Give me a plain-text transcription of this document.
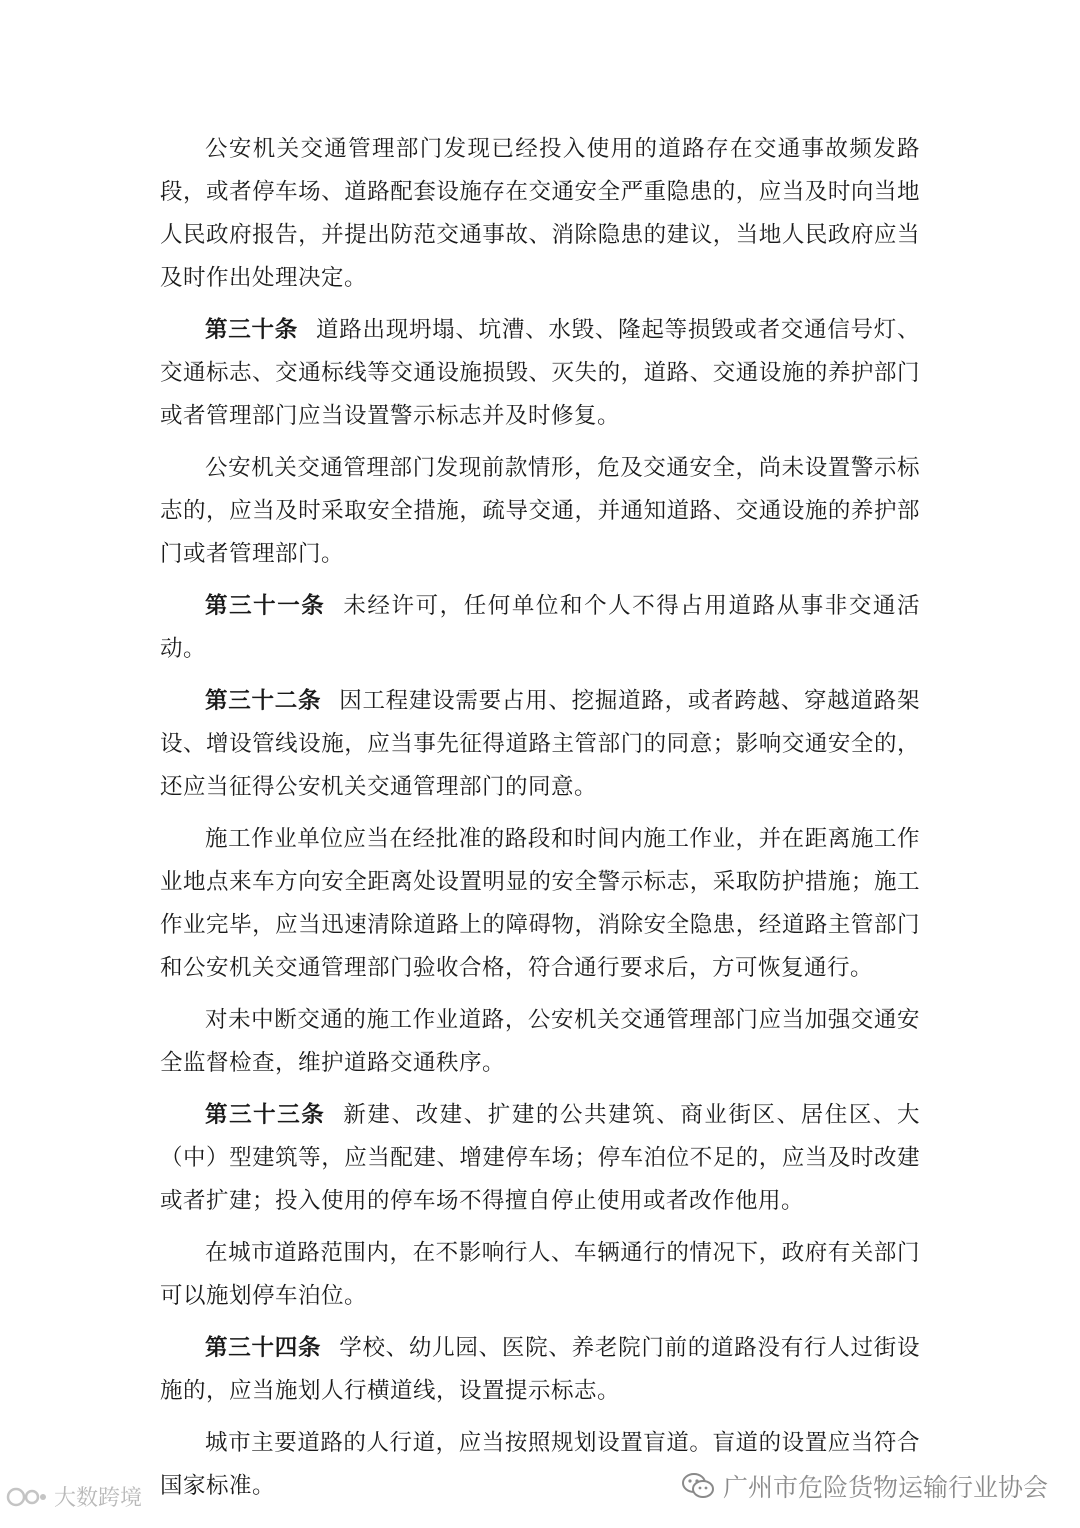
公安机关交通管理部门发现已经投入使用的道路存在交通事故频发路段，或者停车场、道路配套设施存在交通安全严重隐患的，应当及时向当地人民政府报告，并提出防范交通事故、消除隐患的建议，当地人民政府应当及时作出处理决定。

第三十条 道路出现坍塌、坑漕、水毁、隆起等损毁或者交通信号灯、交通标志、交通标线等交通设施损毁、灭失的，道路、交通设施的养护部门或者管理部门应当设置警示标志并及时修复。

公安机关交通管理部门发现前款情形，危及交通安全，尚未设置警示标志的，应当及时采取安全措施，疏导交通，并通知道路、交通设施的养护部门或者管理部门。

第三十一条 未经许可，任何单位和个人不得占用道路从事非交通活动。

第三十二条 因工程建设需要占用、挖掘道路，或者跨越、穿越道路架设、增设管线设施，应当事先征得道路主管部门的同意；影响交通安全的，还应当征得公安机关交通管理部门的同意。

施工作业单位应当在经批准的路段和时间内施工作业，并在距离施工作业地点来车方向安全距离处设置明显的安全警示标志，采取防护措施；施工作业完毕，应当迅速清除道路上的障碍物，消除安全隐患，经道路主管部门和公安机关交通管理部门验收合格，符合通行要求后，方可恢复通行。

对未中断交通的施工作业道路，公安机关交通管理部门应当加强交通安全监督检查，维护道路交通秩序。

第三十三条 新建、改建、扩建的公共建筑、商业街区、居住区、大（中）型建筑等，应当配建、增建停车场；停车泊位不足的，应当及时改建或者扩建；投入使用的停车场不得擅自停止使用或者改作他用。

在城市道路范围内，在不影响行人、车辆通行的情况下，政府有关部门可以施划停车泊位。

第三十四条 学校、幼儿园、医院、养老院门前的道路没有行人过街设施的，应当施划人行横道线，设置提示标志。

城市主要道路的人行道，应当按照规划设置盲道。盲道的设置应当符合国家标准。

大数跨境	广州市危险货物运输行业协会
